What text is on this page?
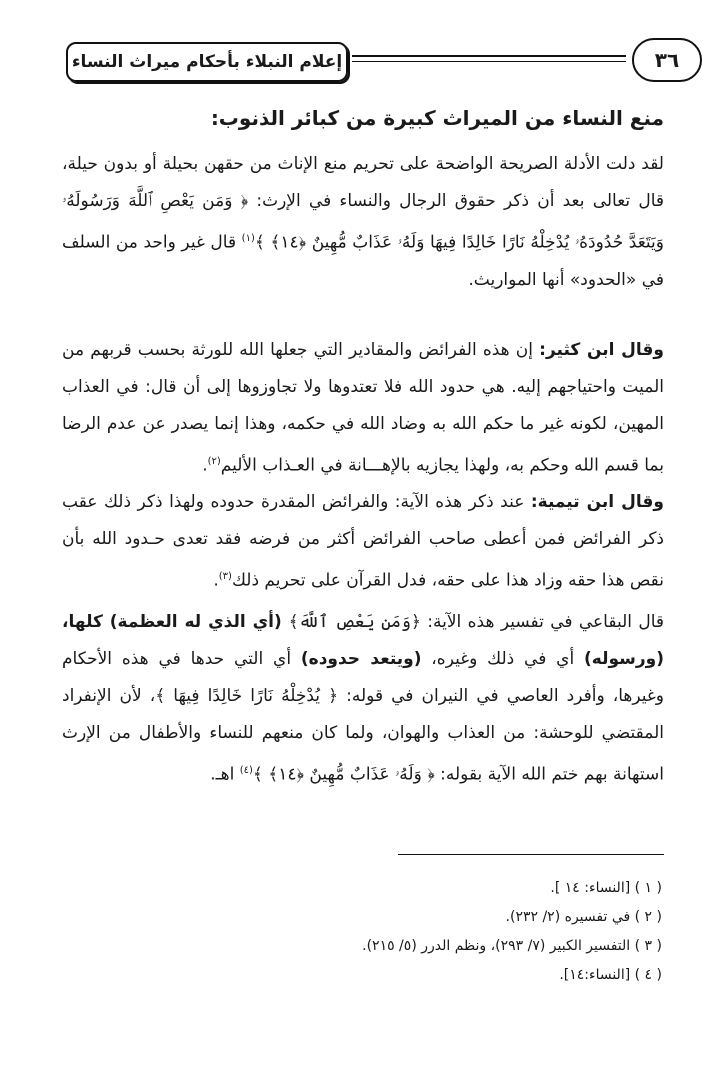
إعلام النبلاء بأحكام ميراث النساء	٣٦
منع النساء من الميراث كبيرة من كبائر الذنوب:

لقد دلت الأدلة الصريحة الواضحة على تحريم منع الإناث من حقهن بحيلة أو بدون حيلة، قال تعالى بعد أن ذكر حقوق الرجال والنساء في الإرث: ﴿ وَمَن يَعْصِ ٱللَّهَ وَرَسُولَهُۥ وَيَتَعَدَّ حُدُودَهُۥ يُدْخِلْهُ نَارًا خَالِدًا فِيهَا وَلَهُۥ عَذَابٌ مُّهِينٌ ﴿١٤﴾ ﴾$^{(١)}$ قال غير واحد من السلف في «الحدود» أنها المواريث.

وقال ابن كثير: إن هذه الفرائض والمقادير التي جعلها الله للورثة بحسب قربهم من الميت واحتياجهم إليه. هي حدود الله فلا تعتدوها ولا تجاوزوها إلى أن قال: في العذاب المهين، لكونه غير ما حكم الله به وضاد الله في حكمه، وهذا إنما يصدر عن عدم الرضا بما قسم الله وحكم به، ولهذا يجازيه بالإهـــانة في العـذاب الأليم$^{(٢)}$.

وقال ابن تيمية: عند ذكر هذه الآية: والفرائض المقدرة حدوده ولهذا ذكر ذلك عقب ذكر الفرائض فمن أعطى صاحب الفرائض أكثر من فرضه فقد تعدى حـدود الله بأن نقص هذا حقه وزاد هذا على حقه، فدل القرآن على تحريم ذلك$^{(٣)}$.

قال البقاعي في تفسير هذه الآية: ﴿وَمَن يَعْصِ ٱللَّهَ﴾ (أي الذي له العظمة) كلها، (ورسوله) أي في ذلك وغيره، (ويتعد حدوده) أي التي حدها في هذه الأحكام وغيرها، وأفرد العاصي في النيران في قوله: ﴿ يُدْخِلْهُ نَارًا خَالِدًا فِيهَا ﴾، لأن الإنفراد المقتضي للوحشة: من العذاب والهوان، ولما كان منعهم للنساء والأطفال من الإرث استهانة بهم ختم الله الآية بقوله: ﴿ وَلَهُۥ عَذَابٌ مُّهِينٌ ﴿١٤﴾ ﴾$^{(٤)}$ اهـ.

( ١ ) [النساء: ١٤ ].
( ٢ ) في تفسيره (٢/ ٢٣٢).
( ٣ ) التفسير الكبير (٧/ ٢٩٣)، ونظم الدرر (٥/ ٢١٥).
( ٤ ) [النساء:١٤].
